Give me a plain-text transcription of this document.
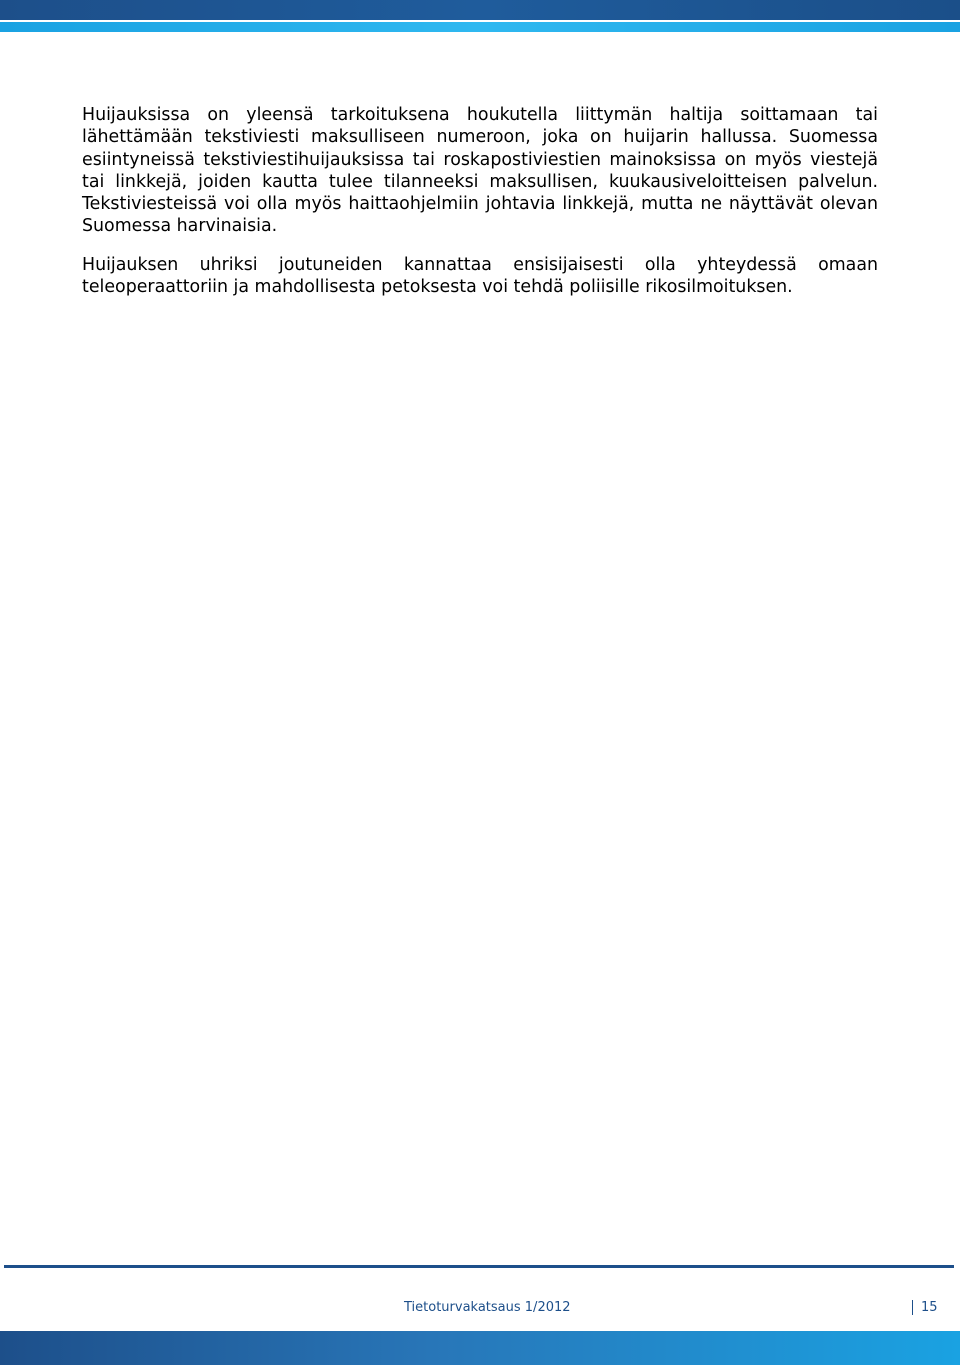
Huijauksissa on yleensä tarkoituksena houkutella liittymän haltija soittamaan tai lähettämään tekstiviesti maksulliseen numeroon, joka on huijarin hallussa. Suomessa esiintyneissä tekstiviestihuijauksissa tai roskapostiviestien mainoksissa on myös viestejä tai linkkejä, joiden kautta tulee tilanneeksi maksullisen, kuukausiveloitteisen palvelun. Tekstiviesteissä voi olla myös haittaohjelmiin johtavia linkkejä, mutta ne näyttävät olevan Suomessa harvinaisia.

Huijauksen uhriksi joutuneiden kannattaa ensisijaisesti olla yhteydessä omaan teleoperaattoriin ja mahdollisesta petoksesta voi tehdä poliisille rikosilmoituksen.

Tietoturvakatsaus 1/2012	15
